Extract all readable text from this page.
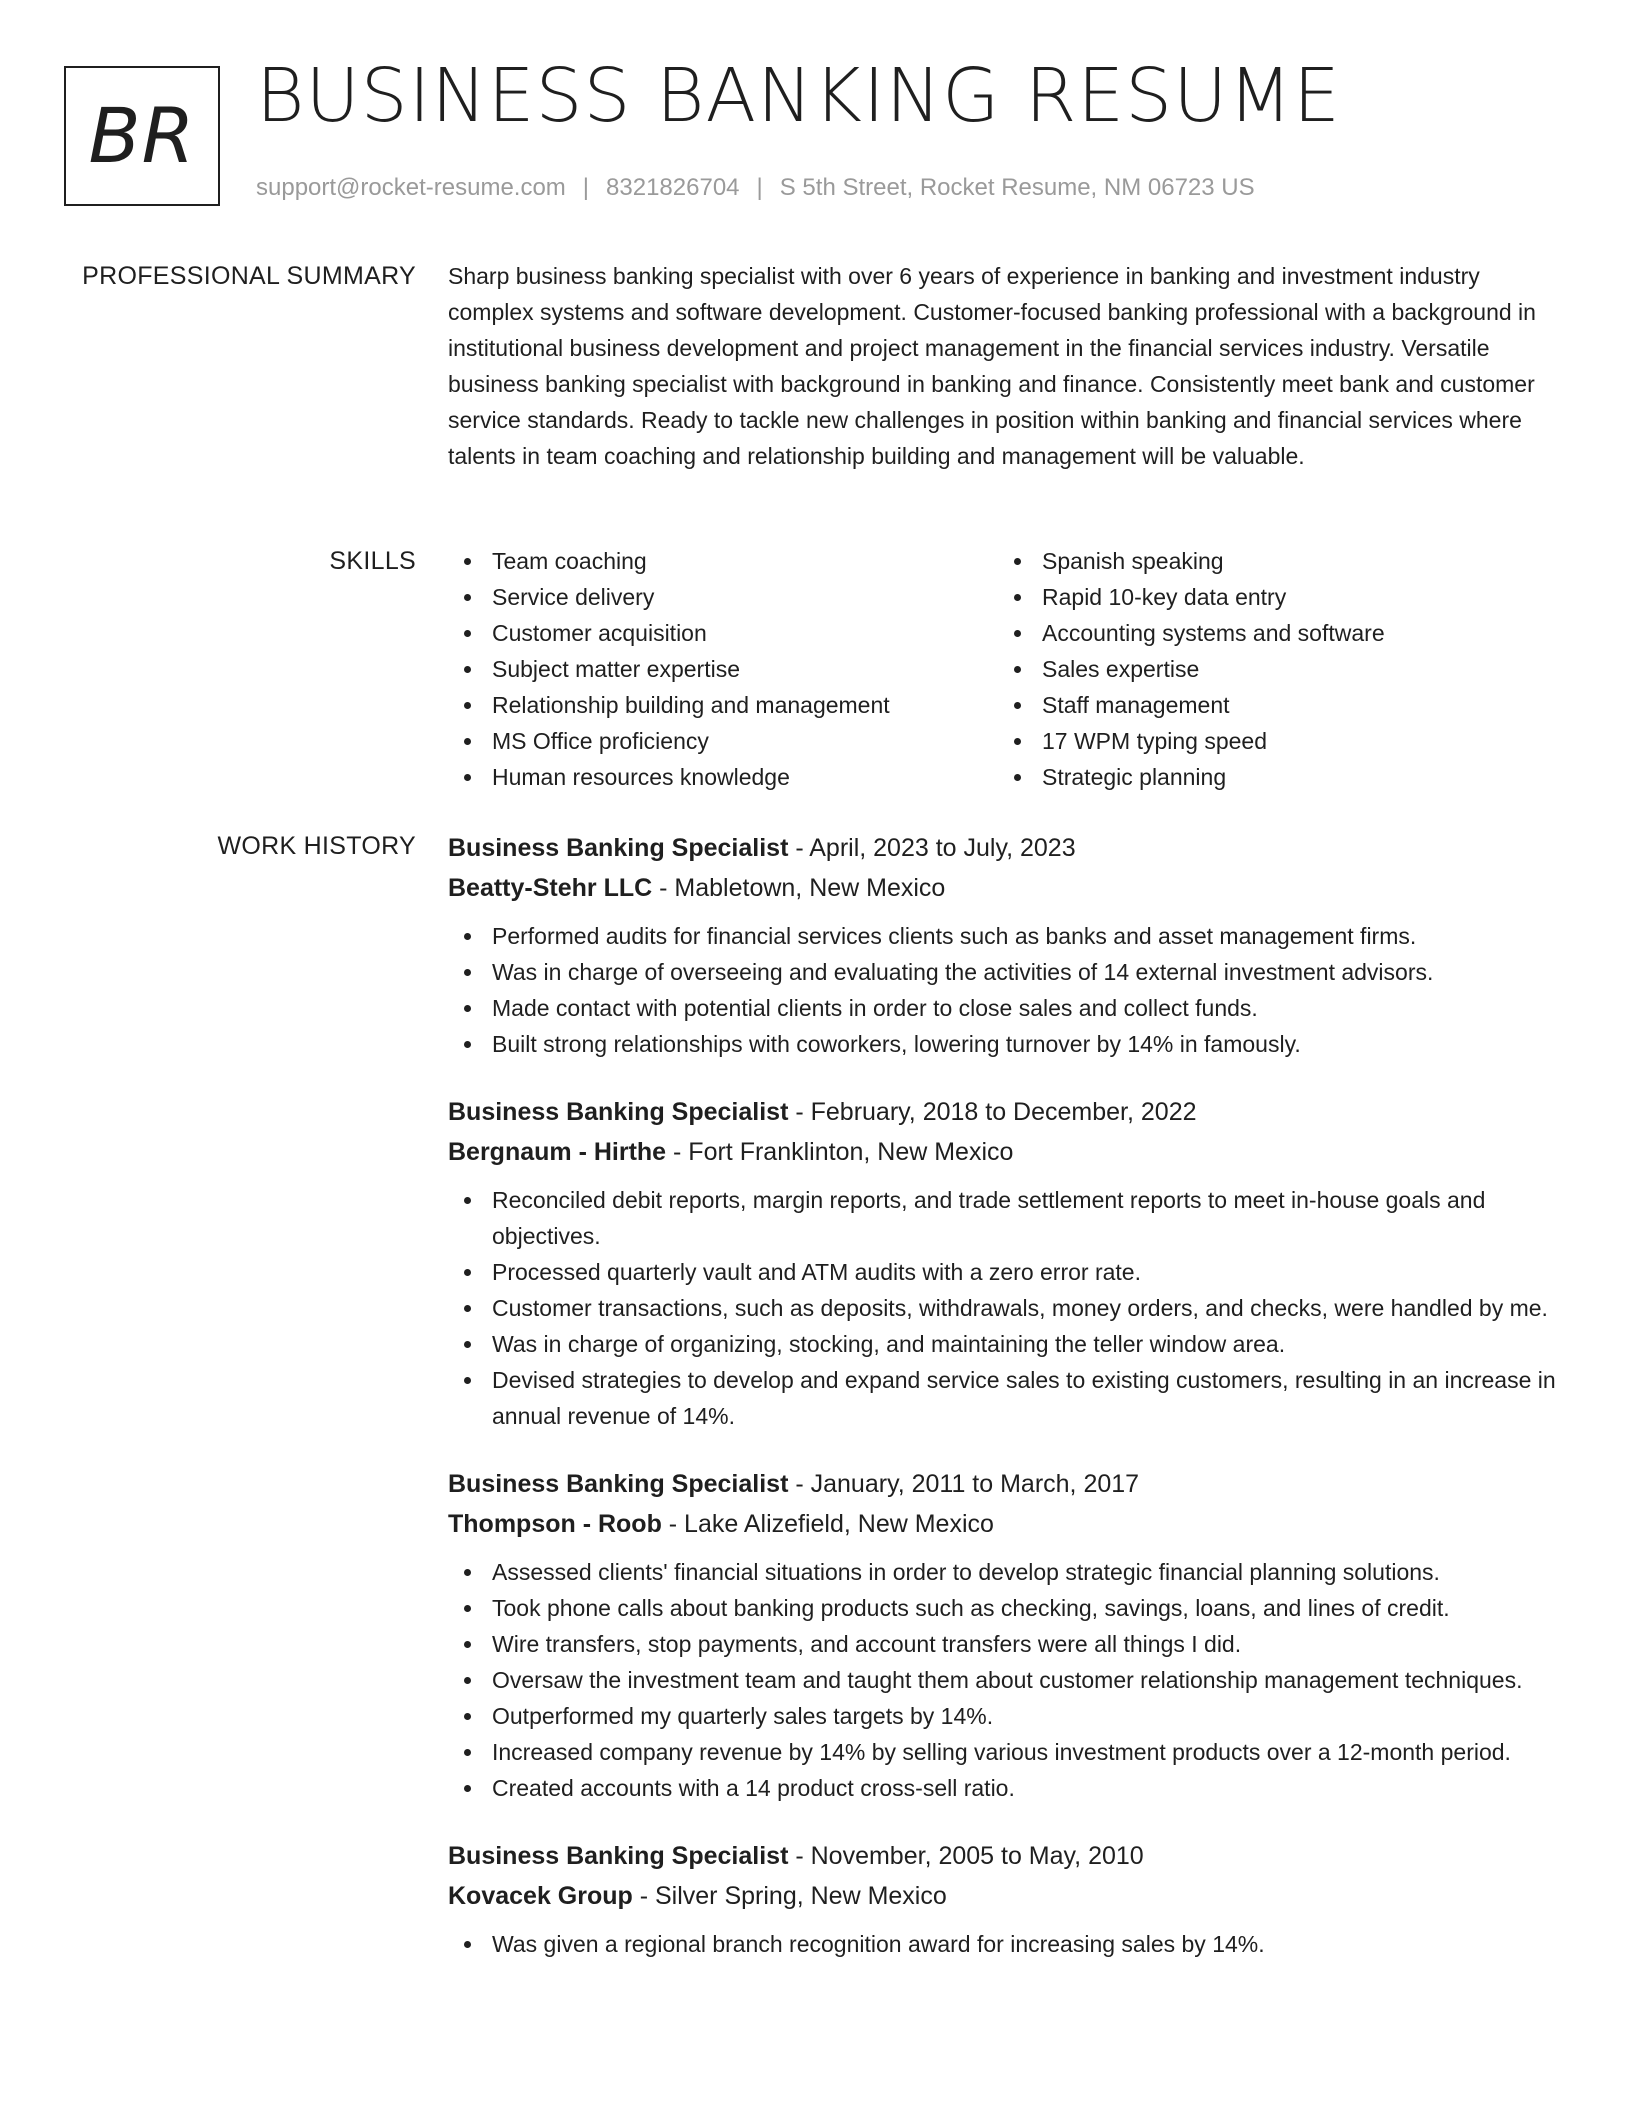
BR BUSINESS BANKING RESUME
support@rocket-resume.com | 8321826704 | S 5th Street, Rocket Resume, NM 06723 US
PROFESSIONAL SUMMARY Sharp business banking specialist with over 6 years of experience in banking and investment industry complex systems and software development. Customer-focused banking professional with a background in institutional business development and project management in the financial services industry. Versatile business banking specialist with background in banking and finance. Consistently meet bank and customer service standards. Ready to tackle new challenges in position within banking and financial services where talents in team coaching and relationship building and management will be valuable.

SKILLS	Team coaching
Service delivery
Customer acquisition
Subject matter expertise
Relationship building and management
MS Office proficiency
Human resources knowledge
Spanish speaking
Rapid 10-key data entry
Accounting systems and software
Sales expertise
Staff management
17 WPM typing speed
Strategic planning
WORK HISTORY Business Banking Specialist - April, 2023 to July, 2023
Beatty-Stehr LLC - Mabletown, New Mexico
Performed audits for financial services clients such as banks and asset management firms.
Was in charge of overseeing and evaluating the activities of 14 external investment advisors.
Made contact with potential clients in order to close sales and collect funds.
Built strong relationships with coworkers, lowering turnover by 14% in famously.
Business Banking Specialist - February, 2018 to December, 2022
Bergnaum - Hirthe - Fort Franklinton, New Mexico
Reconciled debit reports, margin reports, and trade settlement reports to meet in-house goals and objectives.
Processed quarterly vault and ATM audits with a zero error rate.
Customer transactions, such as deposits, withdrawals, money orders, and checks, were handled by me.
Was in charge of organizing, stocking, and maintaining the teller window area.
Devised strategies to develop and expand service sales to existing customers, resulting in an increase in annual revenue of 14%.
Business Banking Specialist - January, 2011 to March, 2017
Thompson - Roob - Lake Alizefield, New Mexico
Assessed clients' financial situations in order to develop strategic financial planning solutions.
Took phone calls about banking products such as checking, savings, loans, and lines of credit.
Wire transfers, stop payments, and account transfers were all things I did.
Oversaw the investment team and taught them about customer relationship management techniques.
Outperformed my quarterly sales targets by 14%.
Increased company revenue by 14% by selling various investment products over a 12-month period.
Created accounts with a 14 product cross-sell ratio.
Business Banking Specialist - November, 2005 to May, 2010
Kovacek Group - Silver Spring, New Mexico
Was given a regional branch recognition award for increasing sales by 14%.
